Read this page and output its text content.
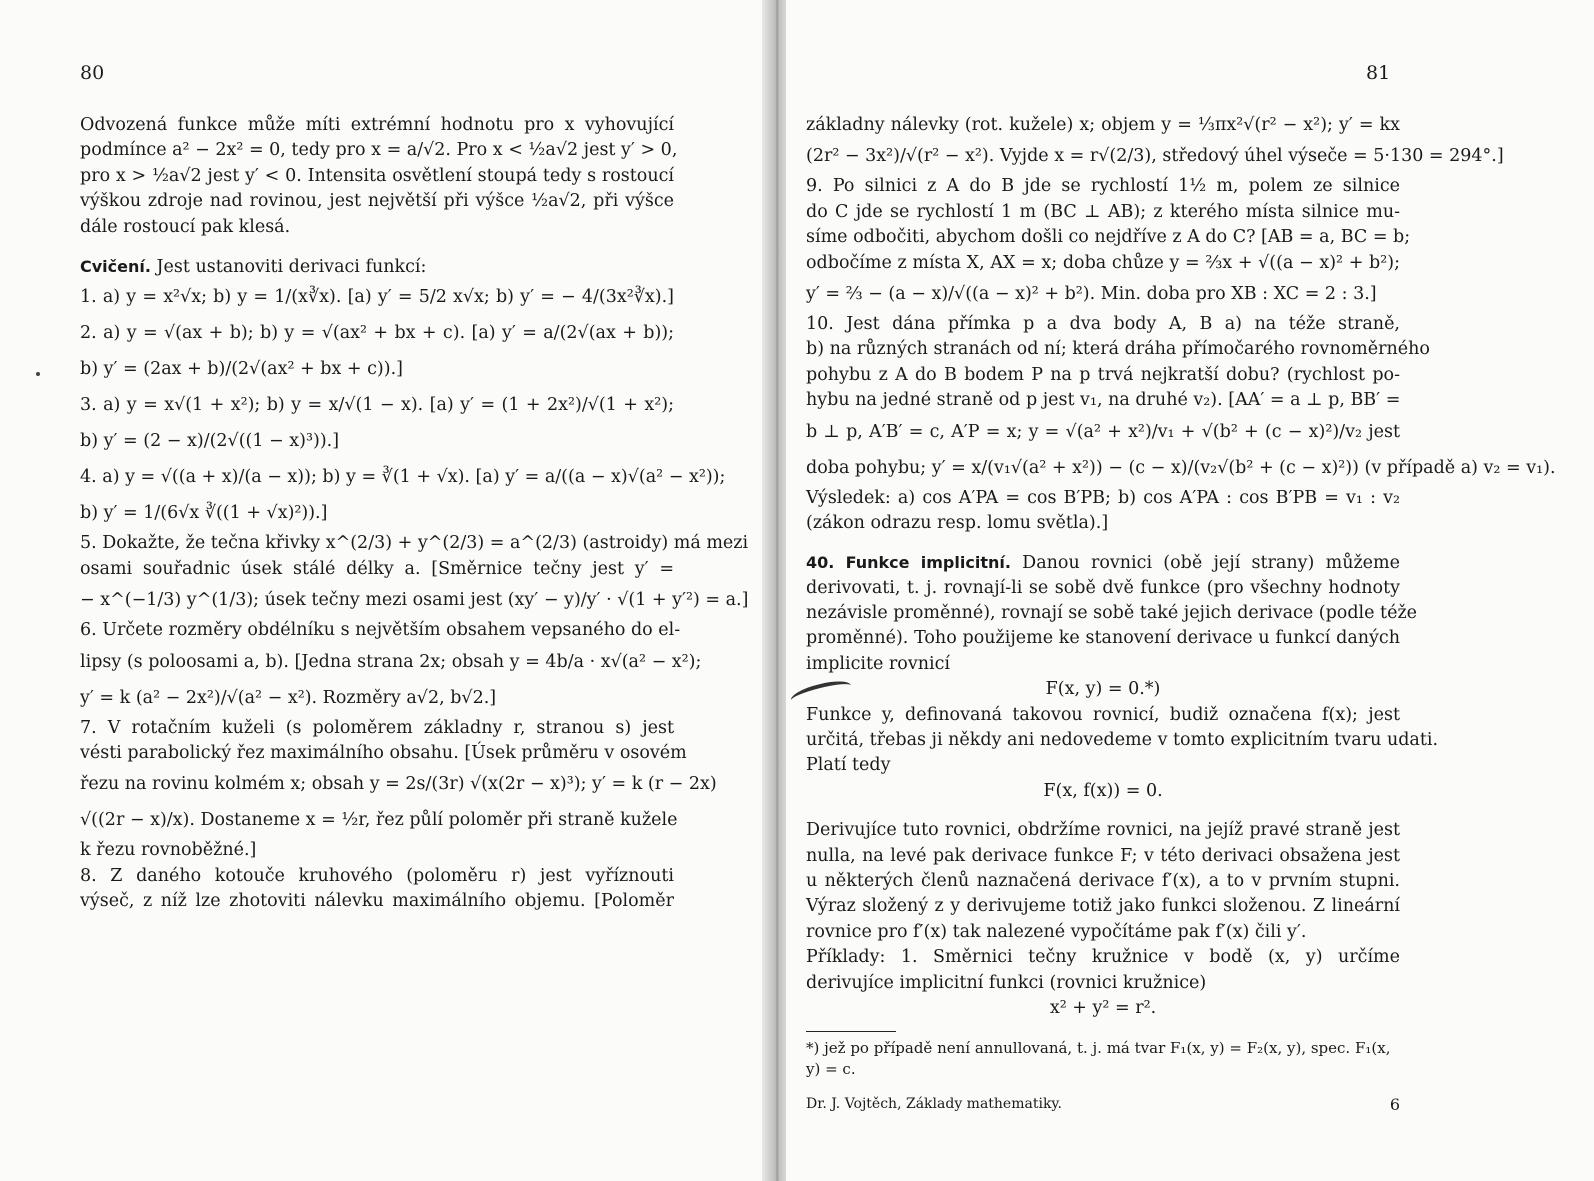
80
Odvozená funkce může míti extrémní hodnotu pro x vyhovující
podmínce a² − 2x² = 0, tedy pro x = a/√2. Pro x < ½a√2 jest y′ > 0,
pro x > ½a√2 jest y′ < 0. Intensita osvětlení stoupá tedy s rostoucí
výškou zdroje nad rovinou, jest největší při výšce ½a√2, při výšce
dále rostoucí pak klesá.
Cvičení. Jest ustanoviti derivaci funkcí:
1. a) y = x²√x; b) y = 1/(x∛x). [a) y′ = 5/2 x√x; b) y′ = − 4/(3x²∛x).]
2. a) y = √(ax + b); b) y = √(ax² + bx + c). [a) y′ = a/(2√(ax + b));
b) y′ = (2ax + b)/(2√(ax² + bx + c)).]
3. a) y = x√(1 + x²); b) y = x/√(1 − x). [a) y′ = (1 + 2x²)/√(1 + x²);
b) y′ = (2 − x)/(2√((1 − x)³)).]
4. a) y = √((a + x)/(a − x)); b) y = ∛(1 + √x). [a) y′ = a/((a − x)√(a² − x²));
b) y′ = 1/(6√x ∛((1 + √x)²)).]
5. Dokažte, že tečna křivky x^(2/3) + y^(2/3) = a^(2/3) (astroidy) má mezi
osami souřadnic úsek stálé délky a. [Směrnice tečny jest y′ =
− x^(−1/3) y^(1/3); úsek tečny mezi osami jest (xy′ − y)/y′ · √(1 + y′²) = a.]
6. Určete rozměry obdélníku s největším obsahem vepsaného do el-
lipsy (s poloosami a, b). [Jedna strana 2x; obsah y = 4b/a · x√(a² − x²);
y′ = k (a² − 2x²)/√(a² − x²). Rozměry a√2, b√2.]
7. V rotačním kuželi (s poloměrem základny r, stranou s) jest
vésti parabolický řez maximálního obsahu. [Úsek průměru v osovém
řezu na rovinu kolmém x; obsah y = 2s/(3r) √(x(2r − x)³); y′ = k (r − 2x)
√((2r − x)/x). Dostaneme x = ½r, řez půlí poloměr při straně kužele
k řezu rovnoběžné.]
8. Z daného kotouče kruhového (poloměru r) jest vyříznouti
výseč, z níž lze zhotoviti nálevku maximálního objemu. [Poloměr
81
základny nálevky (rot. kužele) x; objem y = ⅓πx²√(r² − x²); y′ = kx
(2r² − 3x²)/√(r² − x²). Vyjde x = r√(2/3), středový úhel výseče = 5·130 = 294°.]
9. Po silnici z A do B jde se rychlostí 1½ m, polem ze silnice
do C jde se rychlostí 1 m (BC ⊥ AB); z kterého místa silnice mu-
síme odbočiti, abychom došli co nejdříve z A do C? [AB = a, BC = b;
odbočíme z místa X, AX = x; doba chůze y = ⅔x + √((a − x)² + b²);
y′ = ⅔ − (a − x)/√((a − x)² + b²). Min. doba pro XB : XC = 2 : 3.]
10. Jest dána přímka p a dva body A, B a) na téže straně,
b) na různých stranách od ní; která dráha přímočarého rovnoměrného
pohybu z A do B bodem P na p trvá nejkratší dobu? (rychlost po-
hybu na jedné straně od p jest v₁, na druhé v₂). [AA′ = a ⊥ p, BB′ =
b ⊥ p, A′B′ = c, A′P = x; y = √(a² + x²)/v₁ + √(b² + (c − x)²)/v₂ jest
doba pohybu; y′ = x/(v₁√(a² + x²)) − (c − x)/(v₂√(b² + (c − x)²)) (v případě a) v₂ = v₁).
Výsledek: a) cos A′PA = cos B′PB; b) cos A′PA : cos B′PB = v₁ : v₂
(zákon odrazu resp. lomu světla).]
40. Funkce implicitní. Danou rovnici (obě její strany) můžeme
derivovati, t. j. rovnají-li se sobě dvě funkce (pro všechny hodnoty
nezávisle proměnné), rovnají se sobě také jejich derivace (podle téže
proměnné). Toho použijeme ke stanovení derivace u funkcí daných
implicite rovnicí
F(x, y) = 0.*)
Funkce y, definovaná takovou rovnicí, budiž označena f(x); jest
určitá, třebas ji někdy ani nedovedeme v tomto explicitním tvaru udati.
Platí tedy
F(x, f(x)) = 0.
Derivujíce tuto rovnici, obdržíme rovnici, na jejíž pravé straně jest
nulla, na levé pak derivace funkce F; v této derivaci obsažena jest
u některých členů naznačená derivace f′(x), a to v prvním stupni.
Výraz složený z y derivujeme totiž jako funkci složenou. Z lineární
rovnice pro f′(x) tak nalezené vypočítáme pak f′(x) čili y′.
Příklady: 1. Směrnici tečny kružnice v bodě (x, y) určíme
derivujíce implicitní funkci (rovnici kružnice)
x² + y² = r².
*) jež po případě není annullovaná, t. j. má tvar F₁(x, y) = F₂(x, y), spec. F₁(x, y) = c.
Dr. J. Vojtěch, Základy mathematiky.	6
